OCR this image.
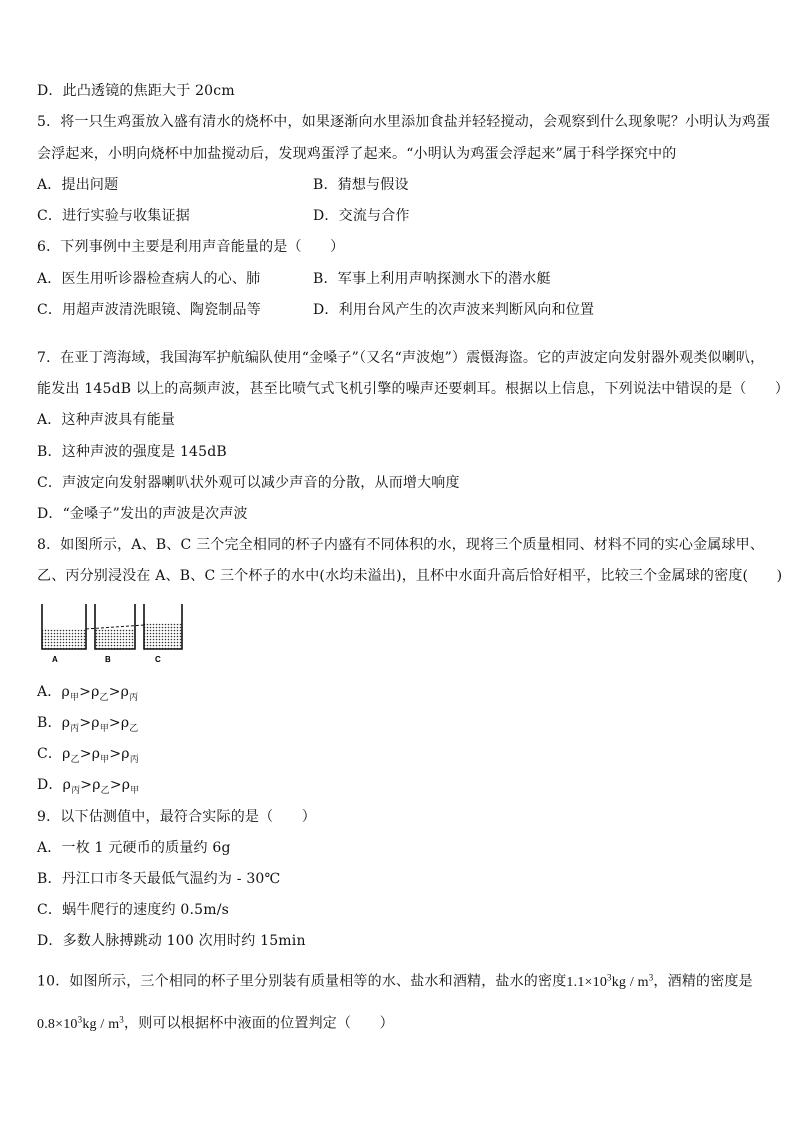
D．此凸透镜的焦距大于 20cm
5．将一只生鸡蛋放入盛有清水的烧杯中，如果逐渐向水里添加食盐并轻轻搅动，会观察到什么现象呢？小明认为鸡蛋
会浮起来，小明向烧杯中加盐搅动后，发现鸡蛋浮了起来。“小明认为鸡蛋会浮起来”属于科学探究中的
A．提出问题	B．猜想与假设
C．进行实验与收集证据	D．交流与合作
6．下列事例中主要是利用声音能量的是（　　）
A．医生用听诊器检查病人的心、肺	B．军事上利用声呐探测水下的潜水艇
C．用超声波清洗眼镜、陶瓷制品等	D．利用台风产生的次声波来判断风向和位置
7．在亚丁湾海域，我国海军护航编队使用“金嗓子”（又名“声波炮”）震慑海盗。它的声波定向发射器外观类似喇叭，
能发出 145dB 以上的高频声波，甚至比喷气式飞机引擎的噪声还要刺耳。根据以上信息，下列说法中错误的是（　　）
A．这种声波具有能量
B．这种声波的强度是 145dB
C．声波定向发射器喇叭状外观可以减少声音的分散，从而增大响度
D．“金嗓子”发出的声波是次声波
8．如图所示，A、B、C 三个完全相同的杯子内盛有不同体积的水，现将三个质量相同、材料不同的实心金属球甲、
乙、丙分别浸没在 A、B、C 三个杯子的水中(水均未溢出)，且杯中水面升高后恰好相平，比较三个金属球的密度(　　)
A	B	C
A．$\rho_甲>\rho_乙>\rho_丙$
B．$\rho_丙>\rho_甲>\rho_乙$
C．$\rho_乙>\rho_甲>\rho_丙$
D．$\rho_丙>\rho_乙>\rho_甲$
9．以下估测值中，最符合实际的是（　　）
A．一枚 1 元硬币的质量约 6g
B．丹江口市冬天最低气温约为 - 30℃
C．蜗牛爬行的速度约 0.5m/s
D．多数人脉搏跳动 100 次用时约 15min
10．如图所示，三个相同的杯子里分别装有质量相等的水、盐水和酒精，盐水的密度$1.1\times 10^3kg / m^3$，酒精的密度是
$0.8\times 10^3kg / m^3$，则可以根据杯中液面的位置判定（　　）
